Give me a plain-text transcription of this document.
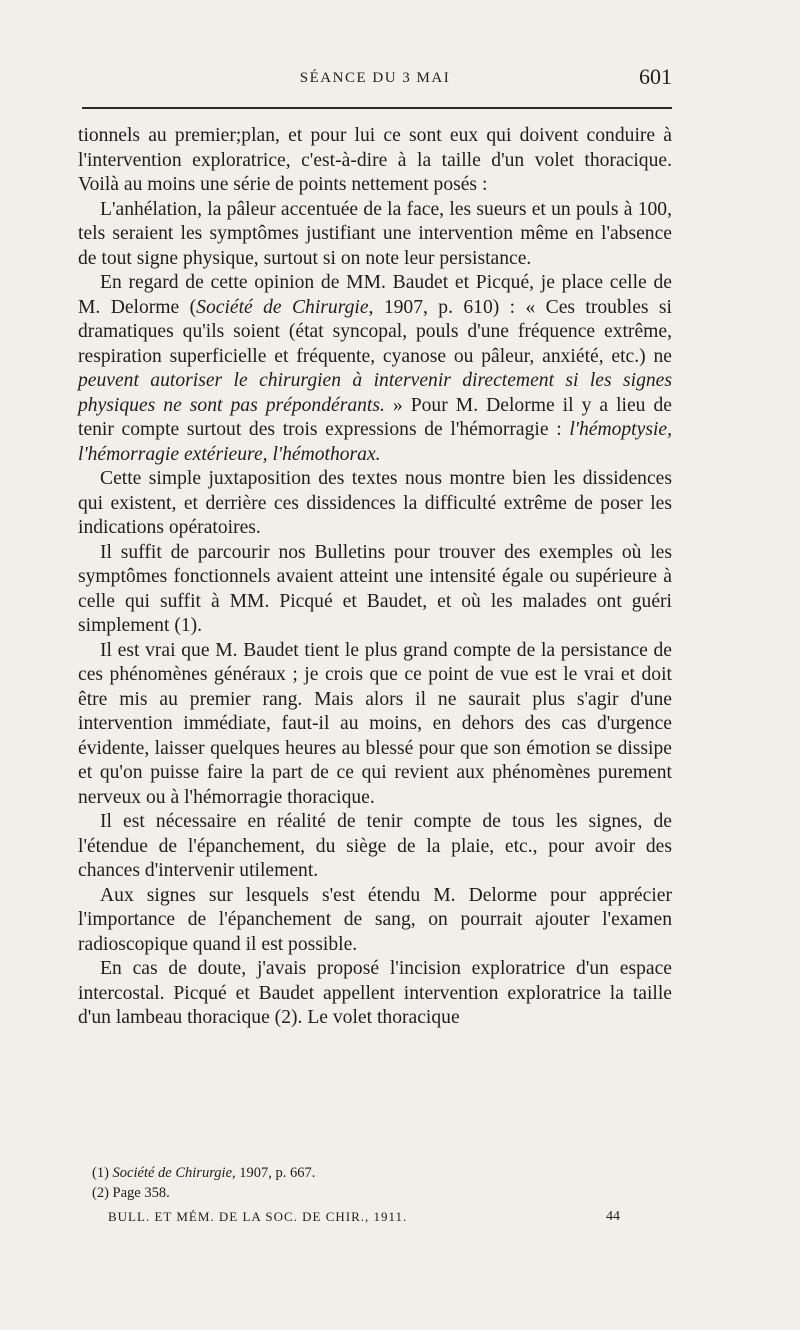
SÉANCE DU 3 MAI	601

tionnels au premier;plan, et pour lui ce sont eux qui doivent conduire à l'intervention exploratrice, c'est-à-dire à la taille d'un volet thoracique. Voilà au moins une série de points nettement posés :

L'anhélation, la pâleur accentuée de la face, les sueurs et un pouls à 100, tels seraient les symptômes justifiant une intervention même en l'absence de tout signe physique, surtout si on note leur persistance.

En regard de cette opinion de MM. Baudet et Picqué, je place celle de M. Delorme (Société de Chirurgie, 1907, p. 610) : « Ces troubles si dramatiques qu'ils soient (état syncopal, pouls d'une fréquence extrême, respiration superficielle et fréquente, cyanose ou pâleur, anxiété, etc.) ne peuvent autoriser le chirurgien à intervenir directement si les signes physiques ne sont pas prépondérants. » Pour M. Delorme il y a lieu de tenir compte surtout des trois expressions de l'hémorragie : l'hémoptysie, l'hémorragie extérieure, l'hémothorax.

Cette simple juxtaposition des textes nous montre bien les dissidences qui existent, et derrière ces dissidences la difficulté extrême de poser les indications opératoires.

Il suffit de parcourir nos Bulletins pour trouver des exemples où les symptômes fonctionnels avaient atteint une intensité égale ou supérieure à celle qui suffit à MM. Picqué et Baudet, et où les malades ont guéri simplement (1).

Il est vrai que M. Baudet tient le plus grand compte de la persistance de ces phénomènes généraux ; je crois que ce point de vue est le vrai et doit être mis au premier rang. Mais alors il ne saurait plus s'agir d'une intervention immédiate, faut-il au moins, en dehors des cas d'urgence évidente, laisser quelques heures au blessé pour que son émotion se dissipe et qu'on puisse faire la part de ce qui revient aux phénomènes purement nerveux ou à l'hémorragie thoracique.

Il est nécessaire en réalité de tenir compte de tous les signes, de l'étendue de l'épanchement, du siège de la plaie, etc., pour avoir des chances d'intervenir utilement.

Aux signes sur lesquels s'est étendu M. Delorme pour apprécier l'importance de l'épanchement de sang, on pourrait ajouter l'examen radioscopique quand il est possible.

En cas de doute, j'avais proposé l'incision exploratrice d'un espace intercostal. Picqué et Baudet appellent intervention exploratrice la taille d'un lambeau thoracique (2). Le volet thoracique

(1) Société de Chirurgie, 1907, p. 667.
(2) Page 358.
BULL. ET MÉM. DE LA SOC. DE CHIR., 1911.	44
